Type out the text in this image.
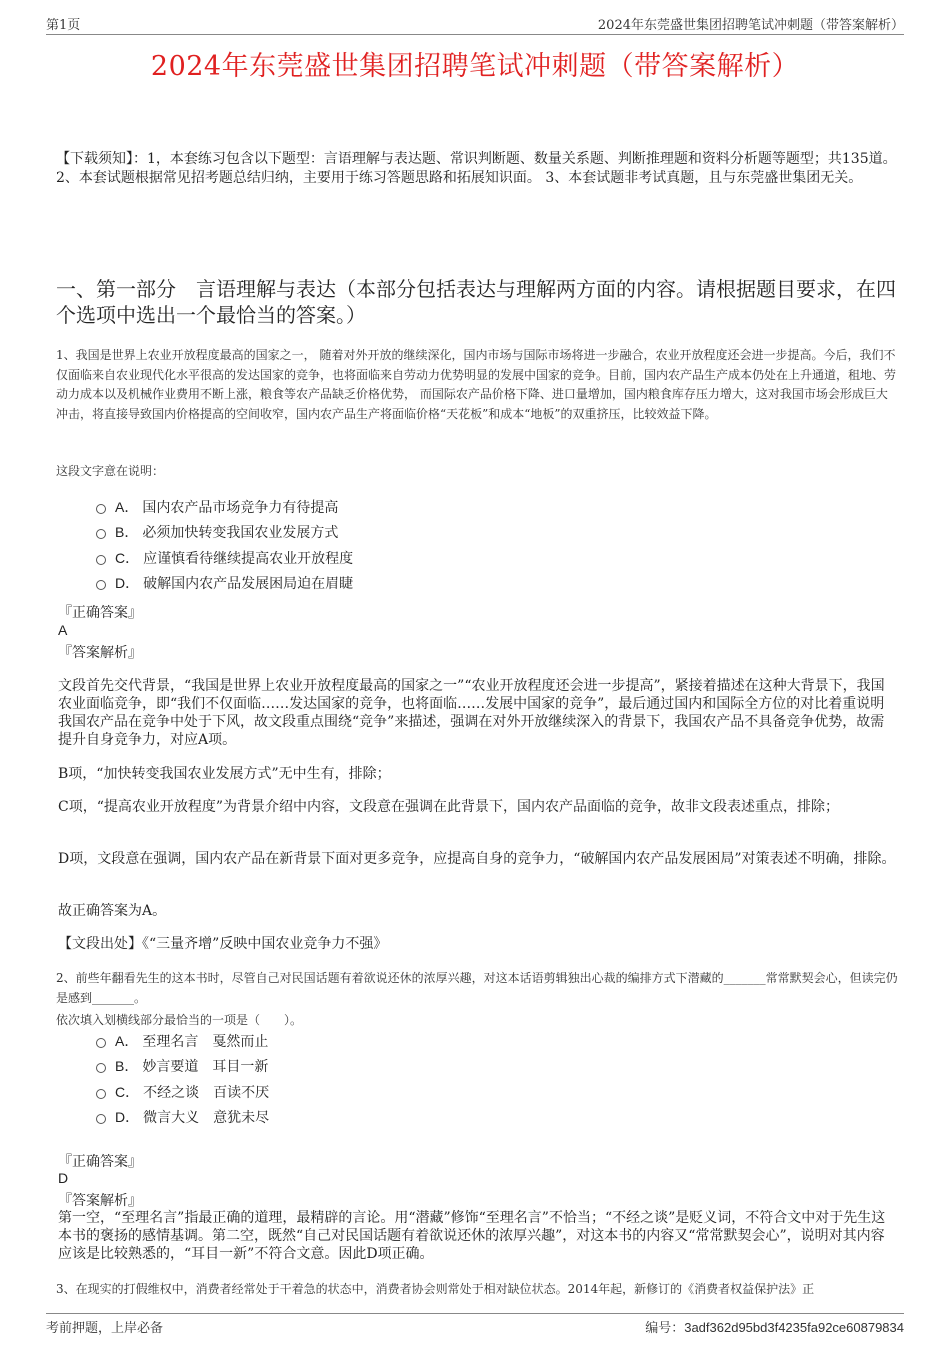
第1页	2024年东莞盛世集团招聘笔试冲刺题（带答案解析）
2024年东莞盛世集团招聘笔试冲刺题（带答案解析）
【下载须知】：1，本套练习包含以下题型：言语理解与表达题、常识判断题、数量关系题、判断推理题和资料分析题等题型；共135道。 2、本套试题根据常见招考题总结归纳，主要用于练习答题思路和拓展知识面。 3、本套试题非考试真题，且与东莞盛世集团无关。
一、第一部分　言语理解与表达（本部分包括表达与理解两方面的内容。请根据题目要求，在四个选项中选出一个最恰当的答案。）
1、我国是世界上农业开放程度最高的国家之一， 随着对外开放的继续深化，国内市场与国际市场将进一步融合，农业开放程度还会进一步提高。今后，我们不仅面临来自农业现代化水平很高的发达国家的竞争，也将面临来自劳动力优势明显的发展中国家的竞争。目前，国内农产品生产成本仍处在上升通道，租地、劳动力成本以及机械作业费用不断上涨，粮食等农产品缺乏价格优势， 而国际农产品价格下降、进口量增加，国内粮食库存压力增大，这对我国市场会形成巨大冲击，将直接导致国内价格提高的空间收窄，国内农产品生产将面临价格“天花板”和成本“地板”的双重挤压，比较效益下降。
这段文字意在说明：
A． 国内农产品市场竞争力有待提高
B． 必须加快转变我国农业发展方式
C． 应谨慎看待继续提高农业开放程度
D． 破解国内农产品发展困局迫在眉睫
『正确答案』
A
『答案解析』
文段首先交代背景，“我国是世界上农业开放程度最高的国家之一”“农业开放程度还会进一步提高”，紧接着描述在这种大背景下，我国农业面临竞争，即“我们不仅面临……发达国家的竞争，也将面临……发展中国家的竞争”，最后通过国内和国际全方位的对比着重说明我国农产品在竞争中处于下风，故文段重点围绕“竞争”来描述，强调在对外开放继续深入的背景下，我国农产品不具备竞争优势，故需提升自身竞争力，对应A项。
B项，“加快转变我国农业发展方式”无中生有，排除；
C项，“提高农业开放程度”为背景介绍中内容，文段意在强调在此背景下，国内农产品面临的竞争，故非文段表述重点，排除；
D项，文段意在强调，国内农产品在新背景下面对更多竞争，应提高自身的竞争力，“破解国内农产品发展困局”对策表述不明确，排除。
故正确答案为A。
【文段出处】《“三量齐增”反映中国农业竞争力不强》
2、前些年翻看先生的这本书时，尽管自己对民国话题有着欲说还休的浓厚兴趣，对这本话语剪辑独出心裁的编排方式下潜藏的_______常常默契会心，但读完仍是感到_______。
依次填入划横线部分最恰当的一项是（　　）。
A． 至理名言　戛然而止
B． 妙言要道　耳目一新
C． 不经之谈　百读不厌
D． 微言大义　意犹未尽
『正确答案』
D
『答案解析』
第一空，“至理名言”指最正确的道理，最精辟的言论。用“潜藏”修饰“至理名言”不恰当；“不经之谈”是贬义词，不符合文中对于先生这本书的褒扬的感情基调。第二空，既然“自己对民国话题有着欲说还休的浓厚兴趣”，对这本书的内容又“常常默契会心”，说明对其内容应该是比较熟悉的，“耳目一新”不符合文意。因此D项正确。
3、在现实的打假维权中，消费者经常处于干着急的状态中，消费者协会则常处于相对缺位状态。2014年起，新修订的《消费者权益保护法》正
考前押题，上岸必备	编号：3adf362d95bd3f4235fa92ce60879834
